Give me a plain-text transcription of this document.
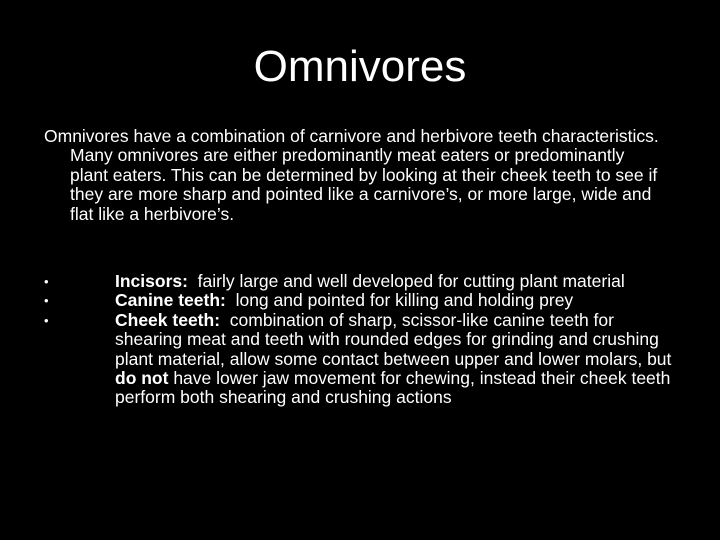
Omnivores

Omnivores have a combination of carnivore and herbivore teeth characteristics. Many omnivores are either predominantly meat eaters or predominantly plant eaters. This can be determined by looking at their cheek teeth to see if they are more sharp and pointed like a carnivore’s, or more large, wide and flat like a herbivore’s.

•	Incisors:  fairly large and well developed for cutting plant material
•	Canine teeth:  long and pointed for killing and holding prey
•	Cheek teeth:  combination of sharp, scissor-like canine teeth for shearing meat and teeth with rounded edges for grinding and crushing plant material, allow some contact between upper and lower molars, but do not have lower jaw movement for chewing, instead their cheek teeth perform both shearing and crushing actions
